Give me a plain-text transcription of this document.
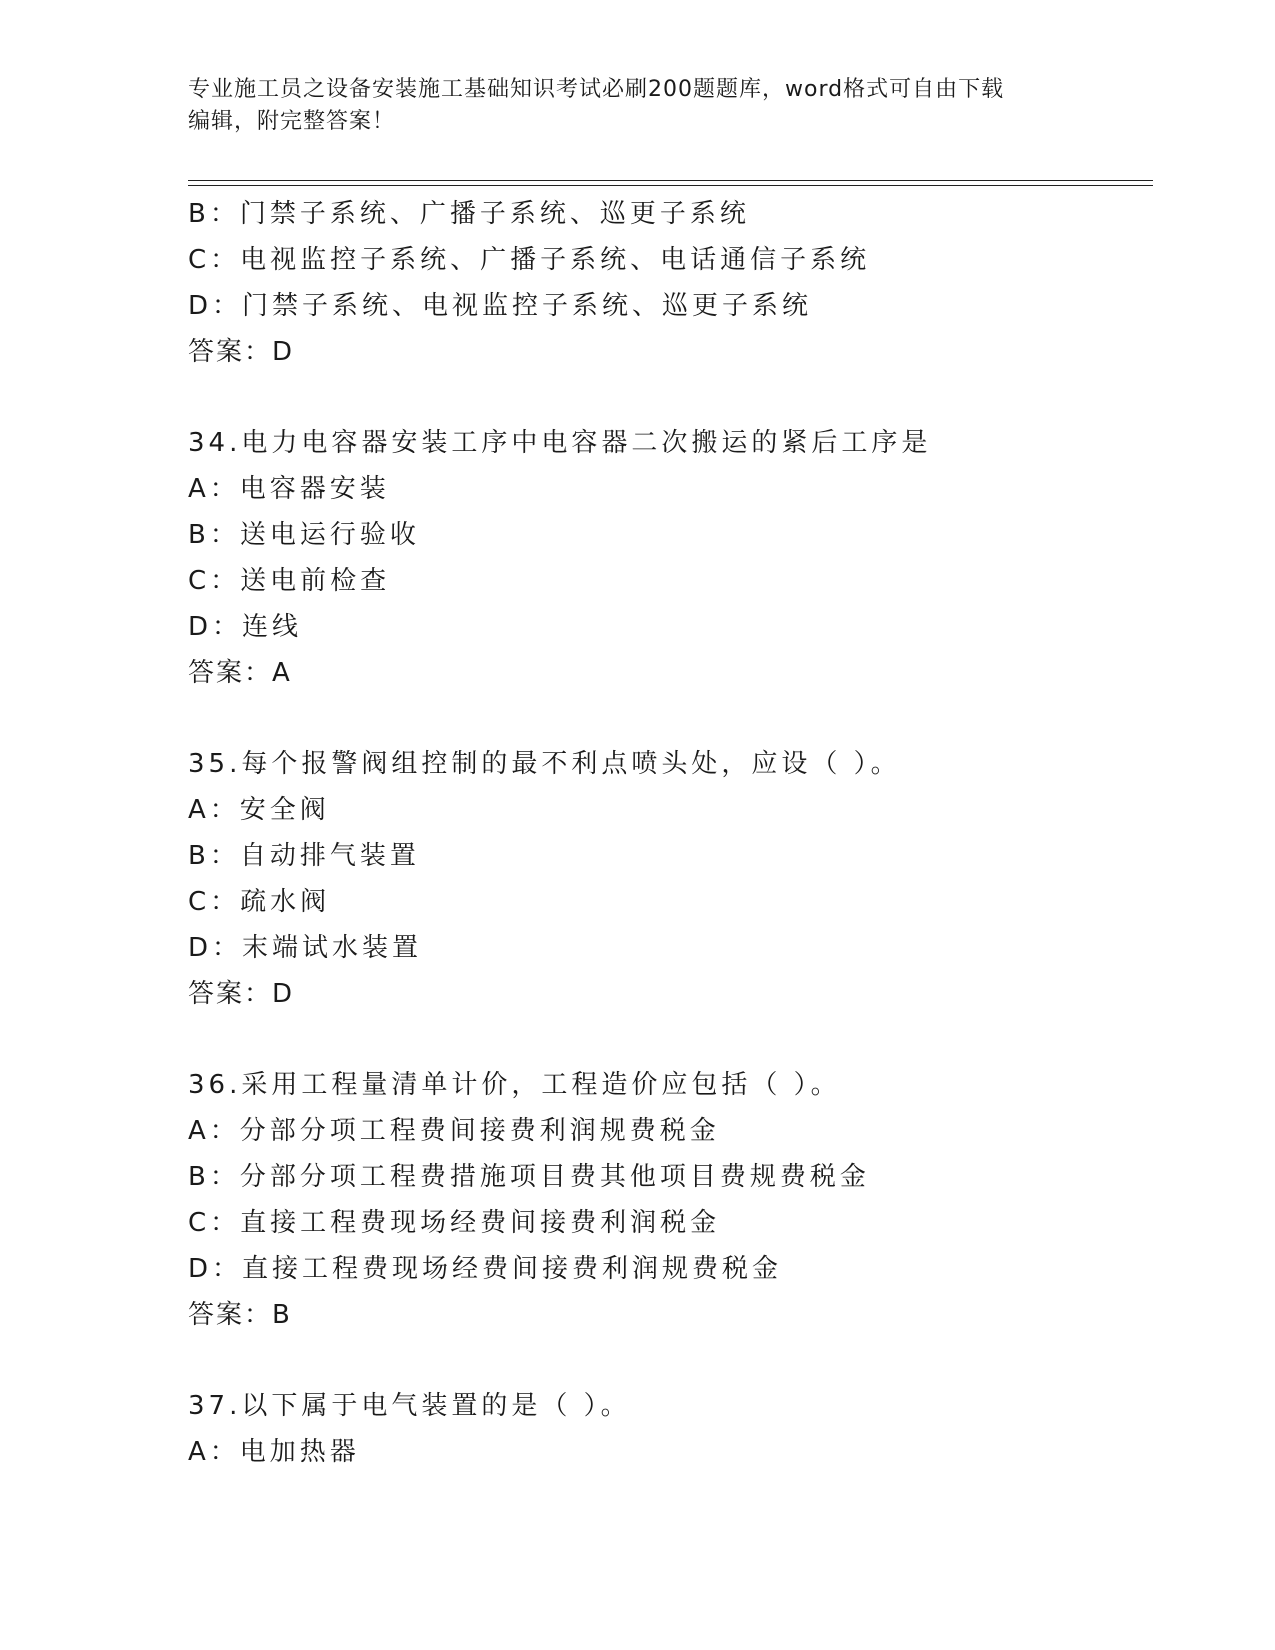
专业施工员之设备安装施工基础知识考试必刷200题题库，word格式可自由下载
编辑，附完整答案！
B：门禁子系统、广播子系统、巡更子系统
C：电视监控子系统、广播子系统、电话通信子系统
D：门禁子系统、电视监控子系统、巡更子系统
答案：D
34.电力电容器安装工序中电容器二次搬运的紧后工序是
A：电容器安装
B：送电运行验收
C：送电前检查
D：连线
答案：A
35.每个报警阀组控制的最不利点喷头处，应设（ ）。
A：安全阀
B：自动排气装置
C：疏水阀
D：末端试水装置
答案：D
36.采用工程量清单计价，工程造价应包括（ ）。
A：分部分项工程费间接费利润规费税金
B：分部分项工程费措施项目费其他项目费规费税金
C：直接工程费现场经费间接费利润税金
D：直接工程费现场经费间接费利润规费税金
答案：B
37.以下属于电气装置的是（ ）。
A：电加热器
